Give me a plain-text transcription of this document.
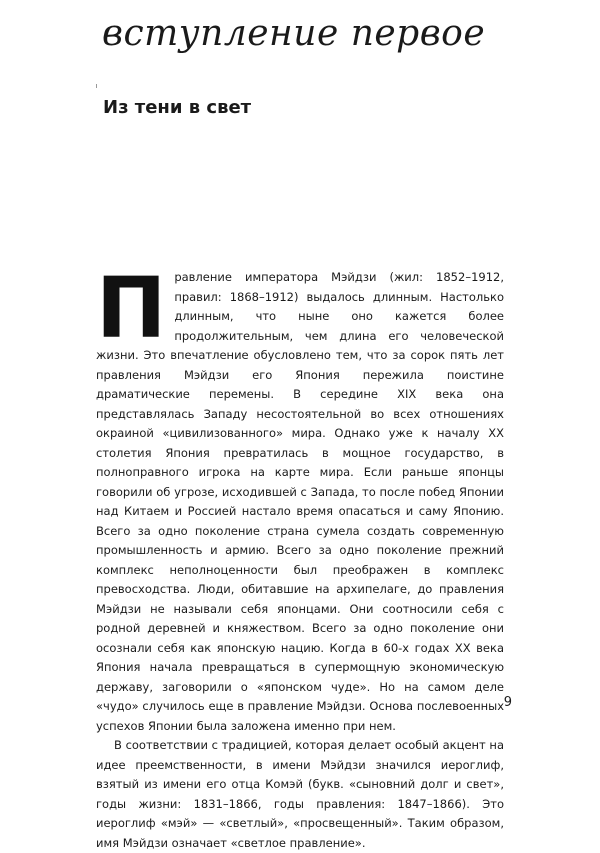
вступление первое
Из тени в свет

Правление императора Мэйдзи (жил: 1852–1912, правил: 1868–1912) выдалось длинным. Настолько длинным, что ныне оно кажется более продолжительным, чем длина его человеческой жизни. Это впечатление обусловлено тем, что за сорок пять лет правления Мэйдзи его Япония пережила поистине драматические перемены. В середине XIX века она представлялась Западу несостоятельной во всех отношениях окраиной «цивилизованного» мира. Однако уже к началу XX столетия Япония превратилась в мощное государство, в полноправного игрока на карте мира. Если раньше японцы говорили об угрозе, исходившей с Запада, то после побед Японии над Китаем и Россией настало время опасаться и саму Японию. Всего за одно поколение страна сумела создать современную промышленность и армию. Всего за одно поколение прежний комплекс неполноценности был преображен в комплекс превосходства. Люди, обитавшие на архипелаге, до правления Мэйдзи не называли себя японцами. Они соотносили себя с родной деревней и княжеством. Всего за одно поколение они осознали себя как японскую нацию. Когда в 60-х годах XX века Япония начала превращаться в супермощную экономическую державу, заговорили о «японском чуде». Но на самом деле «чудо» случилось еще в правление Мэйдзи. Основа послевоенных успехов Японии была заложена именно при нем.

В соответствии с традицией, которая делает особый акцент на идее преемственности, в имени Мэйдзи значился иероглиф, взятый из имени его отца Комэй (букв. «сыновний долг и свет», годы жизни: 1831–1866, годы правления: 1847–1866). Это иероглиф «мэй» — «светлый», «просвещенный». Таким образом, имя Мэйдзи означает «светлое правление».

9
